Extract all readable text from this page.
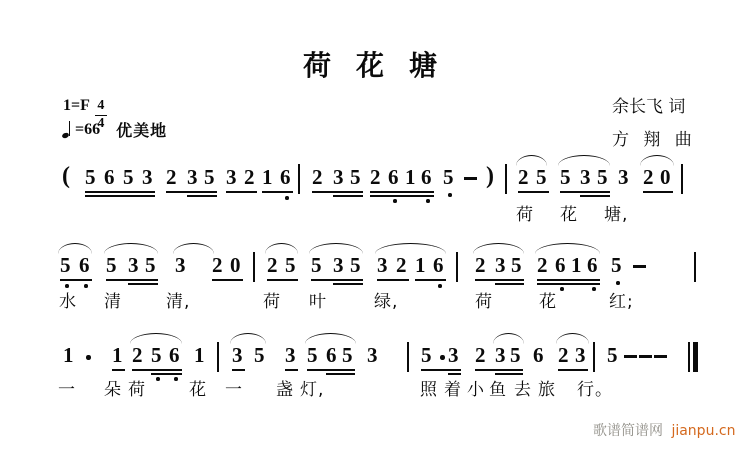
荷 花 塘
$1=F \frac{4}{4}$
=66 优美地
余长飞 词
方 翔 曲
( 5 6 5 3 2 3 5 3 2 1 6 2 3 5 2 6 1 6 5 ) 2 5 5 3 5 3 2 0
荷 花 塘,
5 6 5 3 5 3 2 0 2 5 5 3 5 3 2 1 6 2 3 5 2 6 1 6 5
水 清	清,	荷 叶	绿,	荷	花	红;
1 1 2 5 6 1 3 5 3 5 6 5 3 5 3 2 3 5 6 2 3 5
一 朵 荷	花 一 盏 灯,	照 着 小 鱼 去 旅 行。
歌谱简谱网 jianpu.cn
